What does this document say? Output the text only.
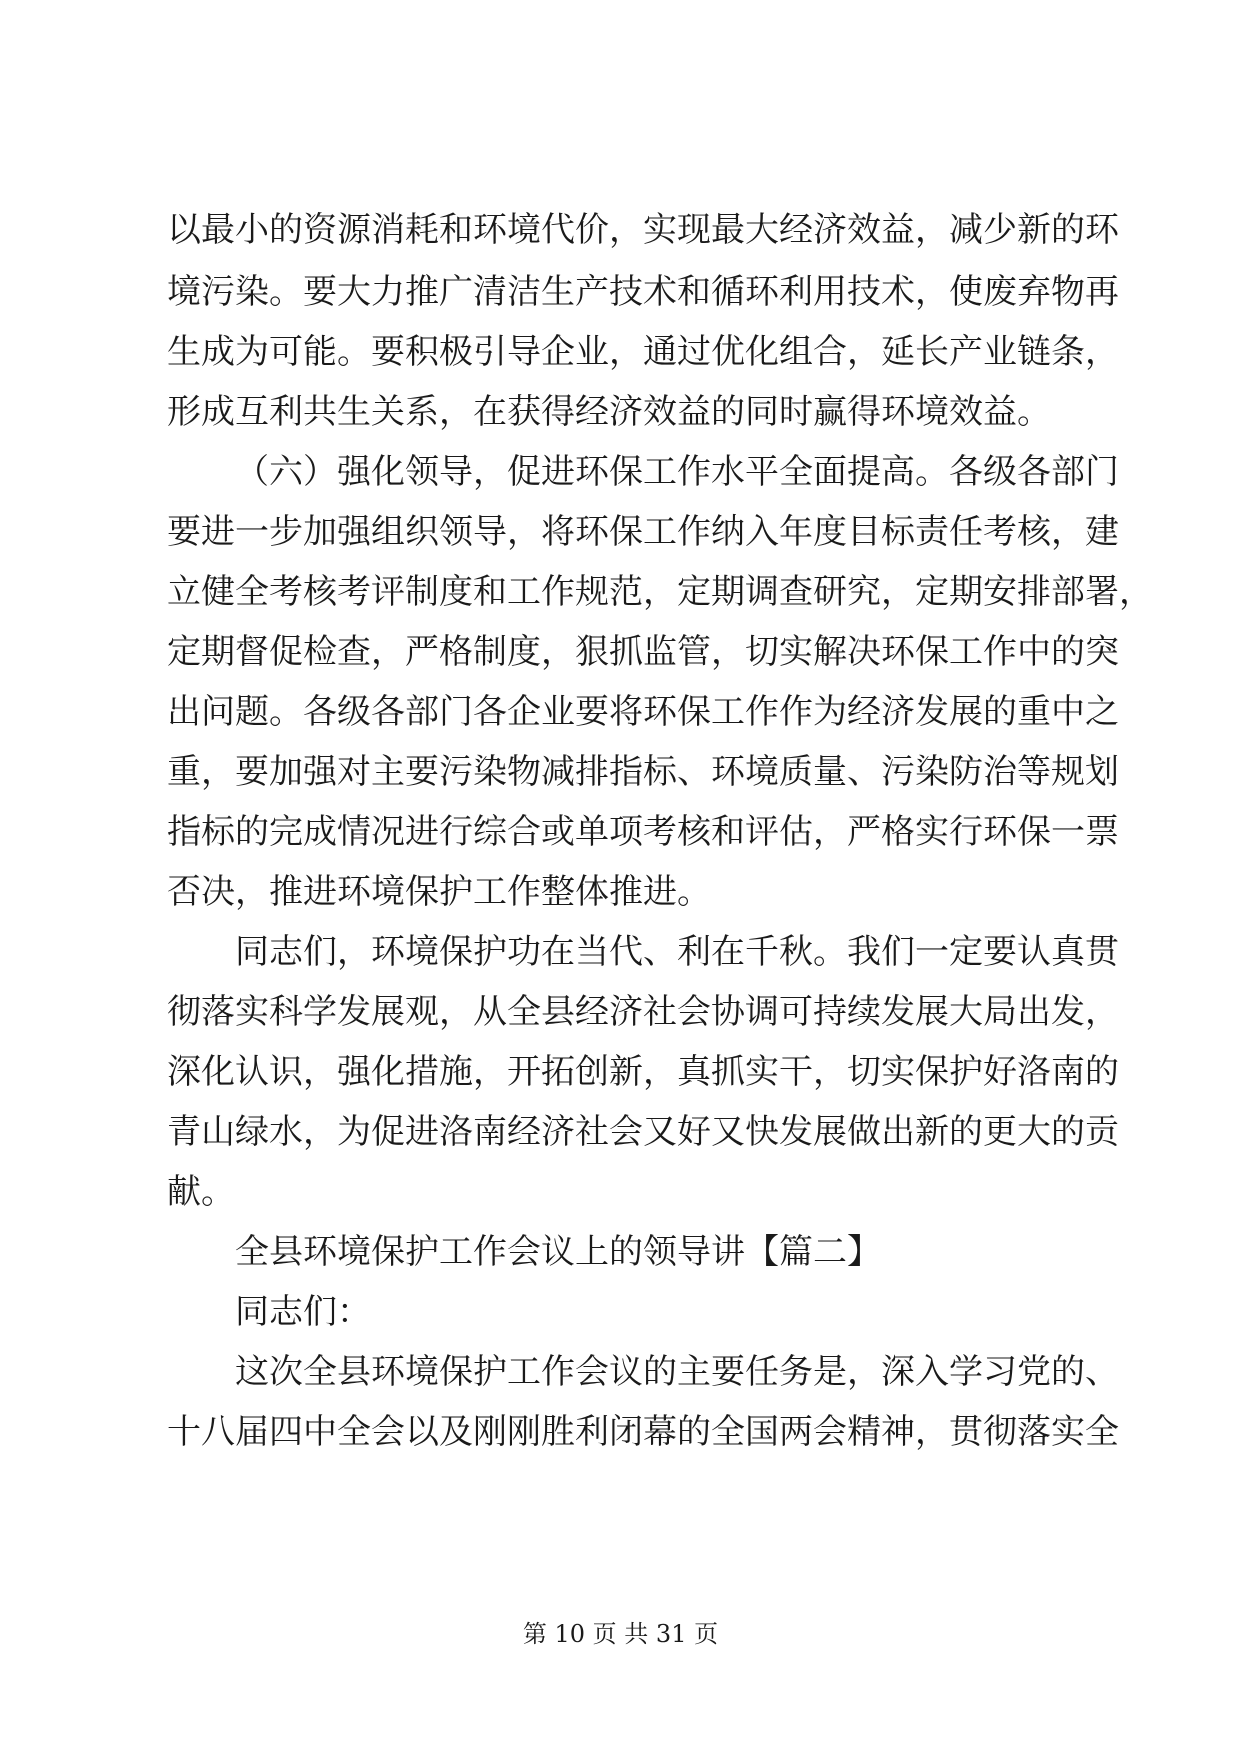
以最小的资源消耗和环境代价，实现最大经济效益，减少新的环
境污染。要大力推广清洁生产技术和循环利用技术，使废弃物再
生成为可能。要积极引导企业，通过优化组合，延长产业链条，
形成互利共生关系，在获得经济效益的同时赢得环境效益。
（六）强化领导，促进环保工作水平全面提高。各级各部门
要进一步加强组织领导，将环保工作纳入年度目标责任考核，建
立健全考核考评制度和工作规范，定期调查研究，定期安排部署，
定期督促检查，严格制度，狠抓监管，切实解决环保工作中的突
出问题。各级各部门各企业要将环保工作作为经济发展的重中之
重，要加强对主要污染物减排指标、环境质量、污染防治等规划
指标的完成情况进行综合或单项考核和评估，严格实行环保一票
否决，推进环境保护工作整体推进。
同志们，环境保护功在当代、利在千秋。我们一定要认真贯
彻落实科学发展观，从全县经济社会协调可持续发展大局出发，
深化认识，强化措施，开拓创新，真抓实干，切实保护好洛南的
青山绿水，为促进洛南经济社会又好又快发展做出新的更大的贡
献。
全县环境保护工作会议上的领导讲【篇二】
同志们：
这次全县环境保护工作会议的主要任务是，深入学习党的、
十八届四中全会以及刚刚胜利闭幕的全国两会精神，贯彻落实全
第 10 页 共 31 页
